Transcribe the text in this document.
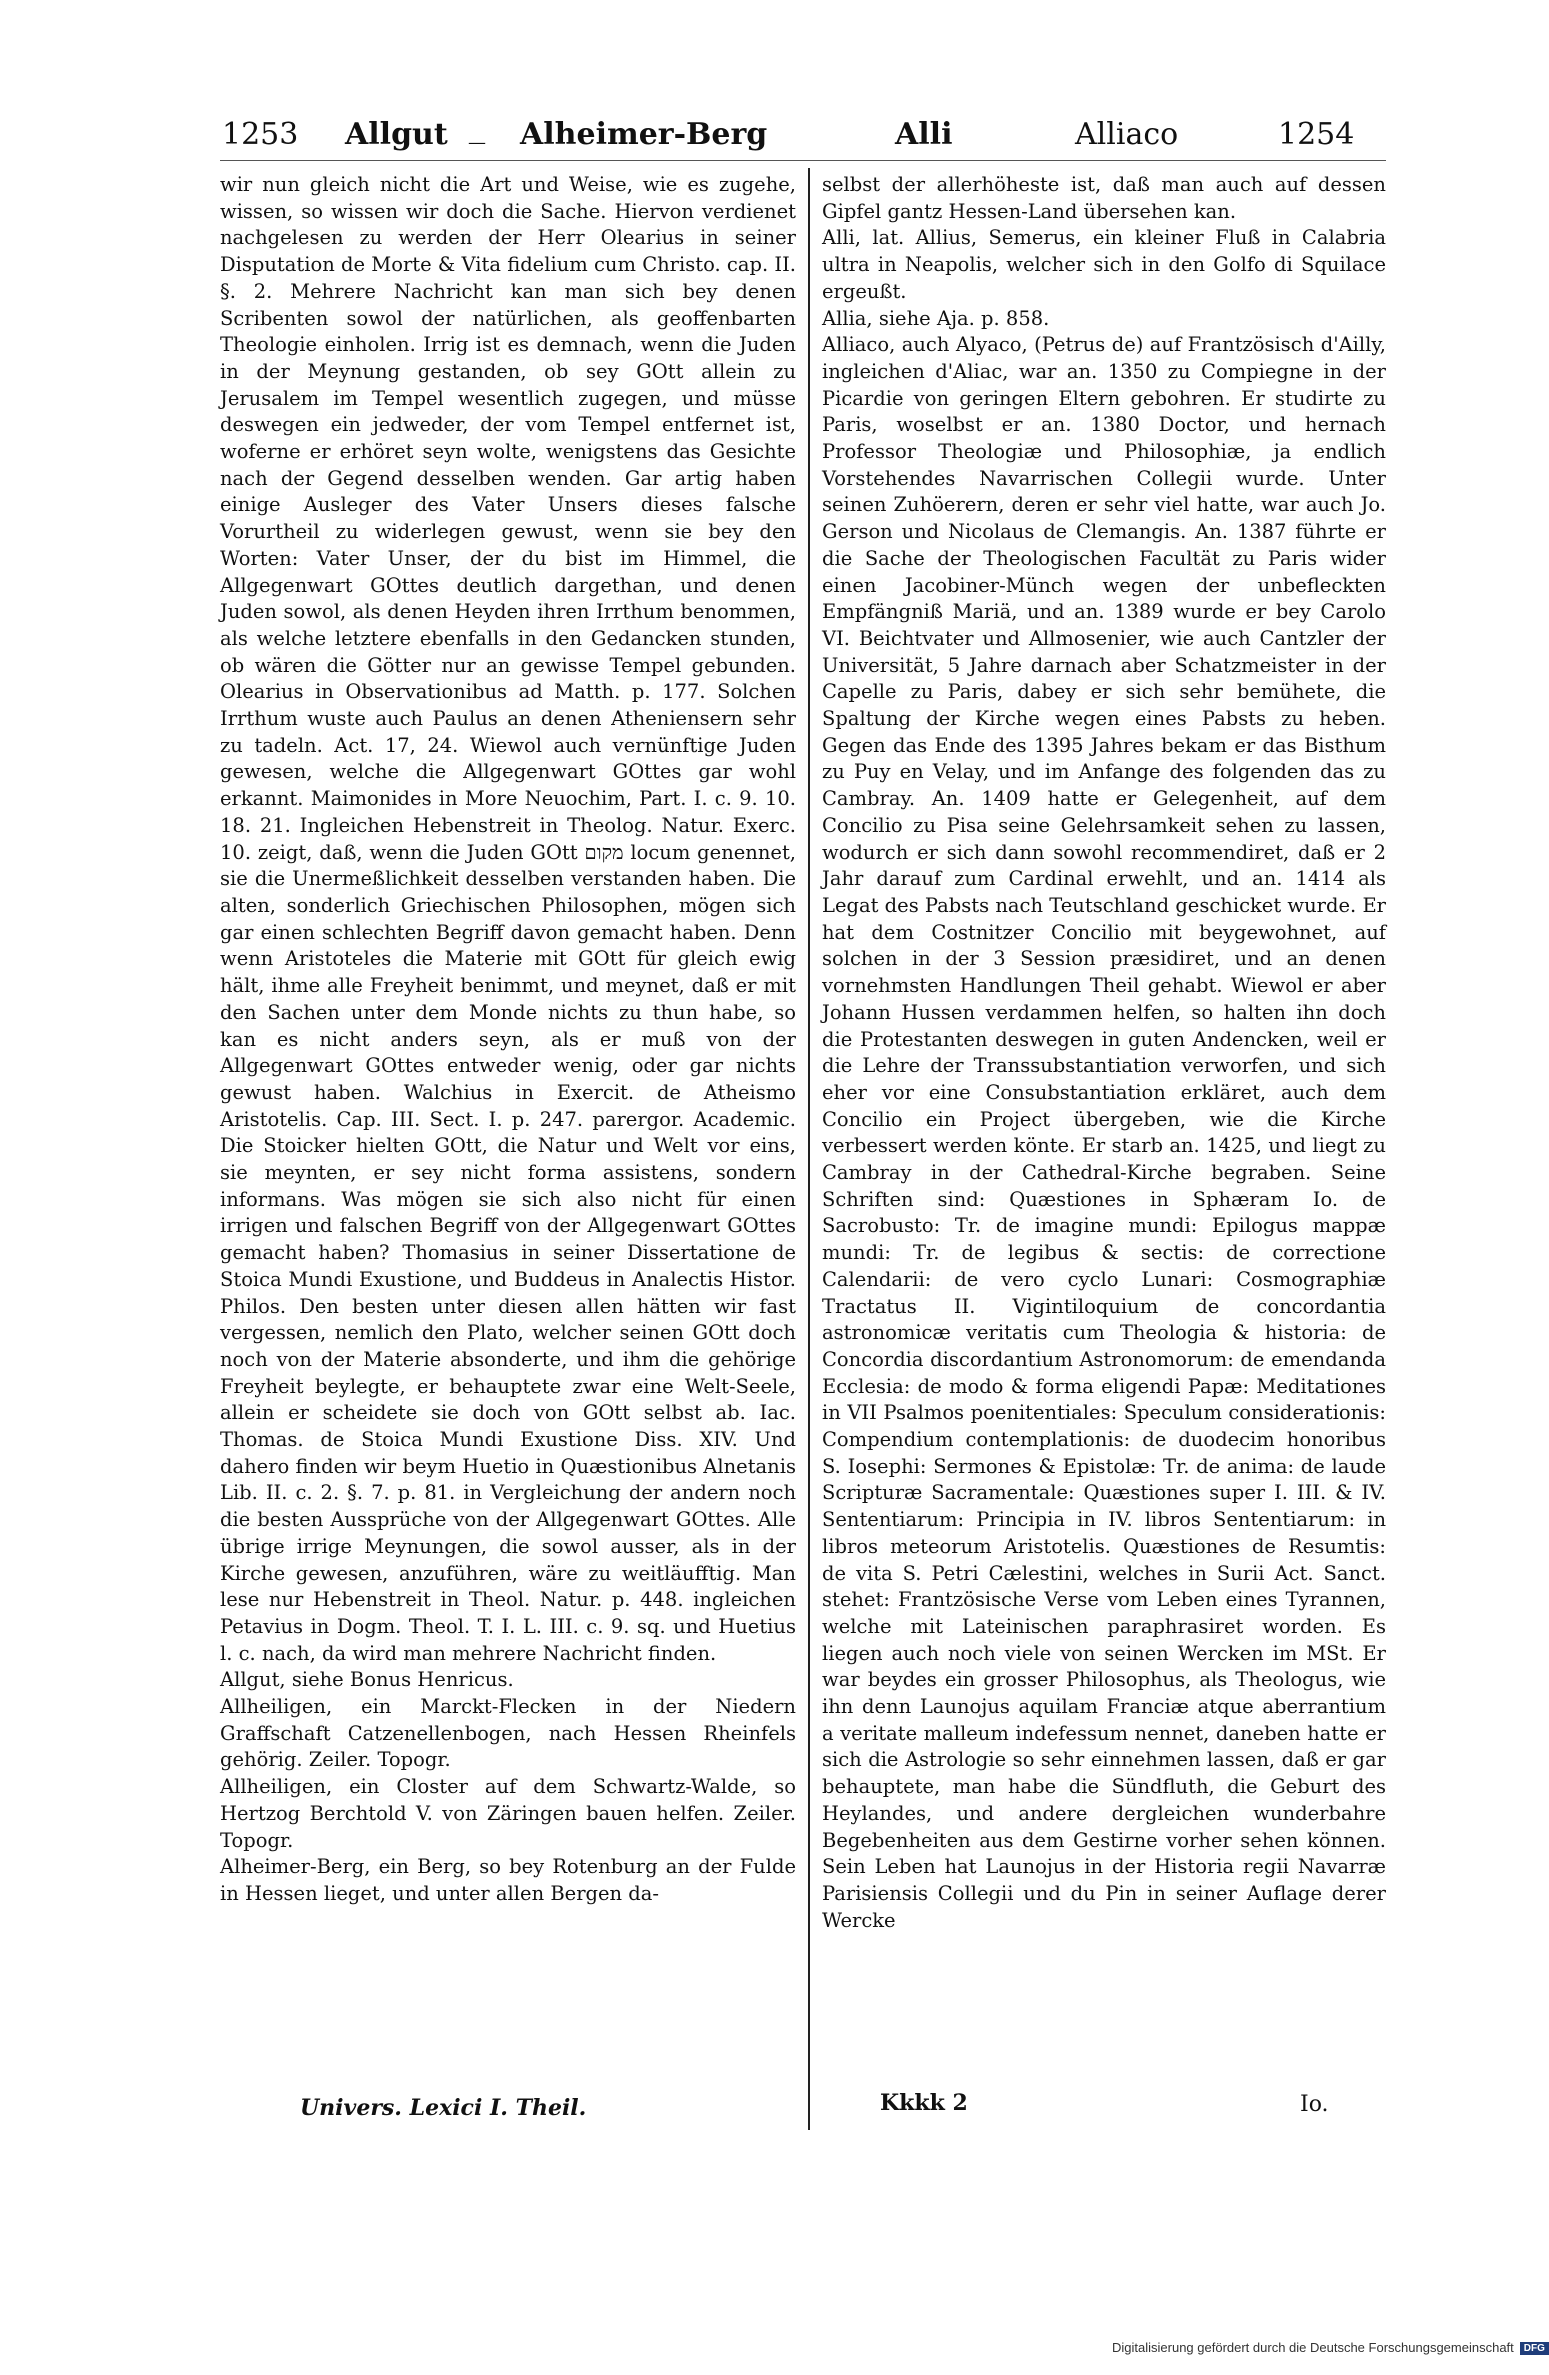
1253 Allgut — Alheimer-Berg	Alli	Alliaco	1254

wir nun gleich nicht die Art und Weise, wie es zugehe, wissen, so wissen wir doch die Sache. Hiervon verdienet nachgelesen zu werden der Herr Olearius in seiner Disputation de Morte & Vita fidelium cum Christo. cap. II. §. 2. Mehrere Nachricht kan man sich bey denen Scribenten sowol der natürlichen, als geoffenbarten Theologie einholen. Irrig ist es demnach, wenn die Juden in der Meynung gestanden, ob sey GOtt allein zu Jerusalem im Tempel wesentlich zugegen, und müsse deswegen ein jedweder, der vom Tempel entfernet ist, woferne er erhöret seyn wolte, wenigstens das Gesichte nach der Gegend desselben wenden. Gar artig haben einige Ausleger des Vater Unsers dieses falsche Vorurtheil zu widerlegen gewust, wenn sie bey den Worten: Vater Unser, der du bist im Himmel, die Allgegenwart GOttes deutlich dargethan, und denen Juden sowol, als denen Heyden ihren Irrthum benommen, als welche letztere ebenfalls in den Gedancken stunden, ob wären die Götter nur an gewisse Tempel gebunden. Olearius in Observationibus ad Matth. p. 177. Solchen Irrthum wuste auch Paulus an denen Atheniensern sehr zu tadeln. Act. 17, 24. Wiewol auch vernünftige Juden gewesen, welche die Allgegenwart GOttes gar wohl erkannt. Maimonides in More Neuochim, Part. I. c. 9. 10. 18. 21. Ingleichen Hebenstreit in Theolog. Natur. Exerc. 10. zeigt, daß, wenn die Juden GOtt מקום locum genennet, sie die Unermeßlichkeit desselben verstanden haben. Die alten, sonderlich Griechischen Philosophen, mögen sich gar einen schlechten Begriff davon gemacht haben. Denn wenn Aristoteles die Materie mit GOtt für gleich ewig hält, ihme alle Freyheit benimmt, und meynet, daß er mit den Sachen unter dem Monde nichts zu thun habe, so kan es nicht anders seyn, als er muß von der Allgegenwart GOttes entweder wenig, oder gar nichts gewust haben. Walchius in Exercit. de Atheismo Aristotelis. Cap. III. Sect. I. p. 247. parergor. Academic. Die Stoicker hielten GOtt, die Natur und Welt vor eins, sie meynten, er sey nicht forma assistens, sondern informans. Was mögen sie sich also nicht für einen irrigen und falschen Begriff von der Allgegenwart GOttes gemacht haben? Thomasius in seiner Dissertatione de Stoica Mundi Exustione, und Buddeus in Analectis Histor. Philos. Den besten unter diesen allen hätten wir fast vergessen, nemlich den Plato, welcher seinen GOtt doch noch von der Materie absonderte, und ihm die gehörige Freyheit beylegte, er behauptete zwar eine Welt-Seele, allein er scheidete sie doch von GOtt selbst ab. Iac. Thomas. de Stoica Mundi Exustione Diss. XIV. Und dahero finden wir beym Huetio in Quæstionibus Alnetanis Lib. II. c. 2. §. 7. p. 81. in Vergleichung der andern noch die besten Aussprüche von der Allgegenwart GOttes. Alle übrige irrige Meynungen, die sowol ausser, als in der Kirche gewesen, anzuführen, wäre zu weitläufftig. Man lese nur Hebenstreit in Theol. Natur. p. 448. ingleichen Petavius in Dogm. Theol. T. I. L. III. c. 9. sq. und Huetius l. c. nach, da wird man mehrere Nachricht finden.

Allgut, siehe Bonus Henricus.

Allheiligen, ein Marckt-Flecken in der Niedern Graffschaft Catzenellenbogen, nach Hessen Rheinfels gehörig. Zeiler. Topogr.

Allheiligen, ein Closter auf dem Schwartz-Walde, so Hertzog Berchtold V. von Zäringen bauen helfen. Zeiler. Topogr.

Alheimer-Berg, ein Berg, so bey Rotenburg an der Fulde in Hessen lieget, und unter allen Bergen da-

selbst der allerhöheste ist, daß man auch auf dessen Gipfel gantz Hessen-Land übersehen kan.

Alli, lat. Allius, Semerus, ein kleiner Fluß in Calabria ultra in Neapolis, welcher sich in den Golfo di Squilace ergeußt.

Allia, siehe Aja. p. 858.

Alliaco, auch Alyaco, (Petrus de) auf Frantzösisch d'Ailly, ingleichen d'Aliac, war an. 1350 zu Compiegne in der Picardie von geringen Eltern gebohren. Er studirte zu Paris, woselbst er an. 1380 Doctor, und hernach Professor Theologiæ und Philosophiæ, ja endlich Vorstehendes Navarrischen Collegii wurde. Unter seinen Zuhöerern, deren er sehr viel hatte, war auch Jo. Gerson und Nicolaus de Clemangis. An. 1387 führte er die Sache der Theologischen Facultät zu Paris wider einen Jacobiner-Münch wegen der unbefleckten Empfängniß Mariä, und an. 1389 wurde er bey Carolo VI. Beichtvater und Allmosenier, wie auch Cantzler der Universität, 5 Jahre darnach aber Schatzmeister in der Capelle zu Paris, dabey er sich sehr bemühete, die Spaltung der Kirche wegen eines Pabsts zu heben. Gegen das Ende des 1395 Jahres bekam er das Bisthum zu Puy en Velay, und im Anfange des folgenden das zu Cambray. An. 1409 hatte er Gelegenheit, auf dem Concilio zu Pisa seine Gelehrsamkeit sehen zu lassen, wodurch er sich dann sowohl recommendiret, daß er 2 Jahr darauf zum Cardinal erwehlt, und an. 1414 als Legat des Pabsts nach Teutschland geschicket wurde. Er hat dem Costnitzer Concilio mit beygewohnet, auf solchen in der 3 Session præsidiret, und an denen vornehmsten Handlungen Theil gehabt. Wiewol er aber Johann Hussen verdammen helfen, so halten ihn doch die Protestanten deswegen in guten Andencken, weil er die Lehre der Transsubstantiation verworfen, und sich eher vor eine Consubstantiation erkläret, auch dem Concilio ein Project übergeben, wie die Kirche verbessert werden könte. Er starb an. 1425, und liegt zu Cambray in der Cathedral-Kirche begraben. Seine Schriften sind: Quæstiones in Sphæram Io. de Sacrobusto: Tr. de imagine mundi: Epilogus mappæ mundi: Tr. de legibus & sectis: de correctione Calendarii: de vero cyclo Lunari: Cosmographiæ Tractatus II. Vigintiloquium de concordantia astronomicæ veritatis cum Theologia & historia: de Concordia discordantium Astronomorum: de emendanda Ecclesia: de modo & forma eligendi Papæ: Meditationes in VII Psalmos poenitentiales: Speculum considerationis: Compendium contemplationis: de duodecim honoribus S. Iosephi: Sermones & Epistolæ: Tr. de anima: de laude Scripturæ Sacramentale: Quæstiones super I. III. & IV. Sententiarum: Principia in IV. libros Sententiarum: in libros meteorum Aristotelis. Quæstiones de Resumtis: de vita S. Petri Cælestini, welches in Surii Act. Sanct. stehet: Frantzösische Verse vom Leben eines Tyrannen, welche mit Lateinischen paraphrasiret worden. Es liegen auch noch viele von seinen Wercken im MSt. Er war beydes ein grosser Philosophus, als Theologus, wie ihn denn Launojus aquilam Franciæ atque aberrantium a veritate malleum indefessum nennet, daneben hatte er sich die Astrologie so sehr einnehmen lassen, daß er gar behauptete, man habe die Sündfluth, die Geburt des Heylandes, und andere dergleichen wunderbahre Begebenheiten aus dem Gestirne vorher sehen können. Sein Leben hat Launojus in der Historia regii Navarræ Parisiensis Collegii und du Pin in seiner Auflage derer Wercke

Univers. Lexici I. Theil.	Kkkk 2	Io.
Digitalisierung gefördert durch die Deutsche Forschungsgemeinschaft DFG
